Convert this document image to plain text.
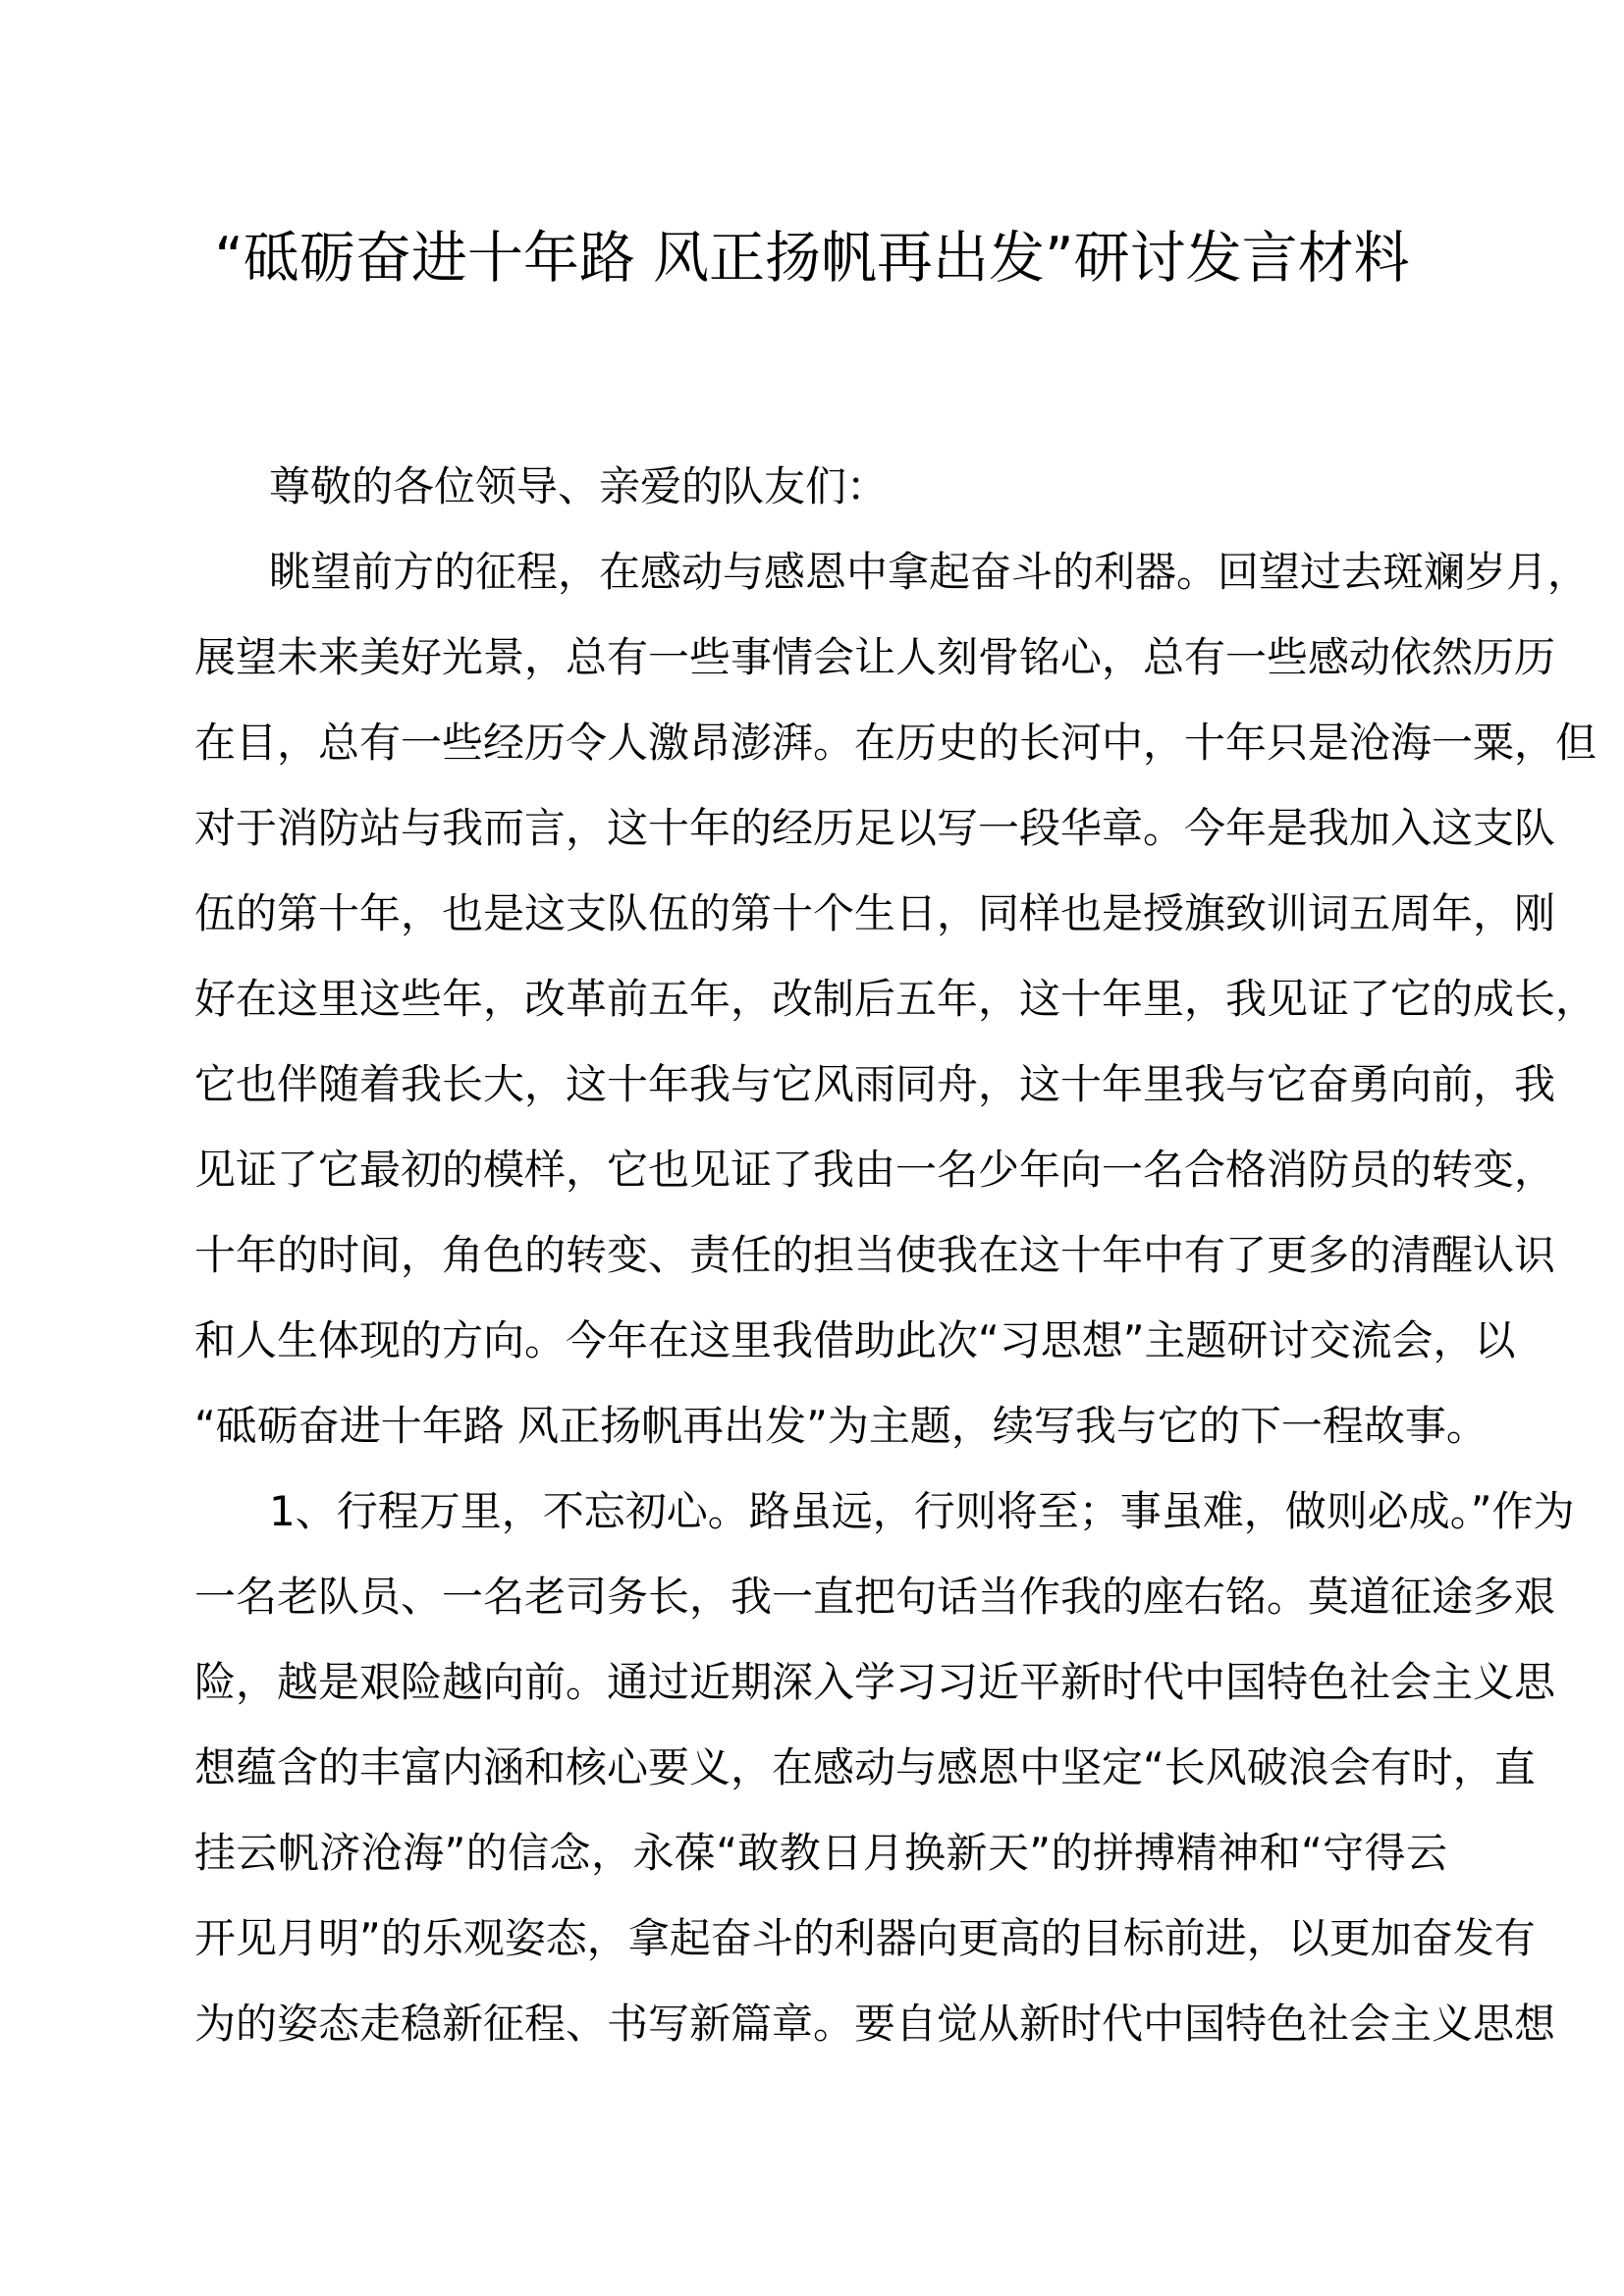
“砥砺奋进十年路 风正扬帆再出发”研讨发言材料
尊敬的各位领导、亲爱的队友们：
眺望前方的征程，在感动与感恩中拿起奋斗的利器。回望过去斑斓岁月，
展望未来美好光景，总有一些事情会让人刻骨铭心，总有一些感动依然历历
在目，总有一些经历令人激昂澎湃。在历史的长河中，十年只是沧海一粟，但
对于消防站与我而言，这十年的经历足以写一段华章。今年是我加入这支队
伍的第十年，也是这支队伍的第十个生日，同样也是授旗致训词五周年，刚
好在这里这些年，改革前五年，改制后五年，这十年里，我见证了它的成长，
它也伴随着我长大，这十年我与它风雨同舟，这十年里我与它奋勇向前，我
见证了它最初的模样，它也见证了我由一名少年向一名合格消防员的转变，
十年的时间，角色的转变、责任的担当使我在这十年中有了更多的清醒认识
和人生体现的方向。今年在这里我借助此次“习思想”主题研讨交流会，以
“砥砺奋进十年路 风正扬帆再出发”为主题，续写我与它的下一程故事。
1、行程万里，不忘初心。路虽远，行则将至；事虽难，做则必成。”作为
一名老队员、一名老司务长，我一直把句话当作我的座右铭。莫道征途多艰
险，越是艰险越向前。通过近期深入学习习近平新时代中国特色社会主义思
想蕴含的丰富内涵和核心要义，在感动与感恩中坚定“长风破浪会有时，直
挂云帆济沧海”的信念，永葆“敢教日月换新天”的拼搏精神和“守得云
开见月明”的乐观姿态，拿起奋斗的利器向更高的目标前进，以更加奋发有
为的姿态走稳新征程、书写新篇章。要自觉从新时代中国特色社会主义思想
